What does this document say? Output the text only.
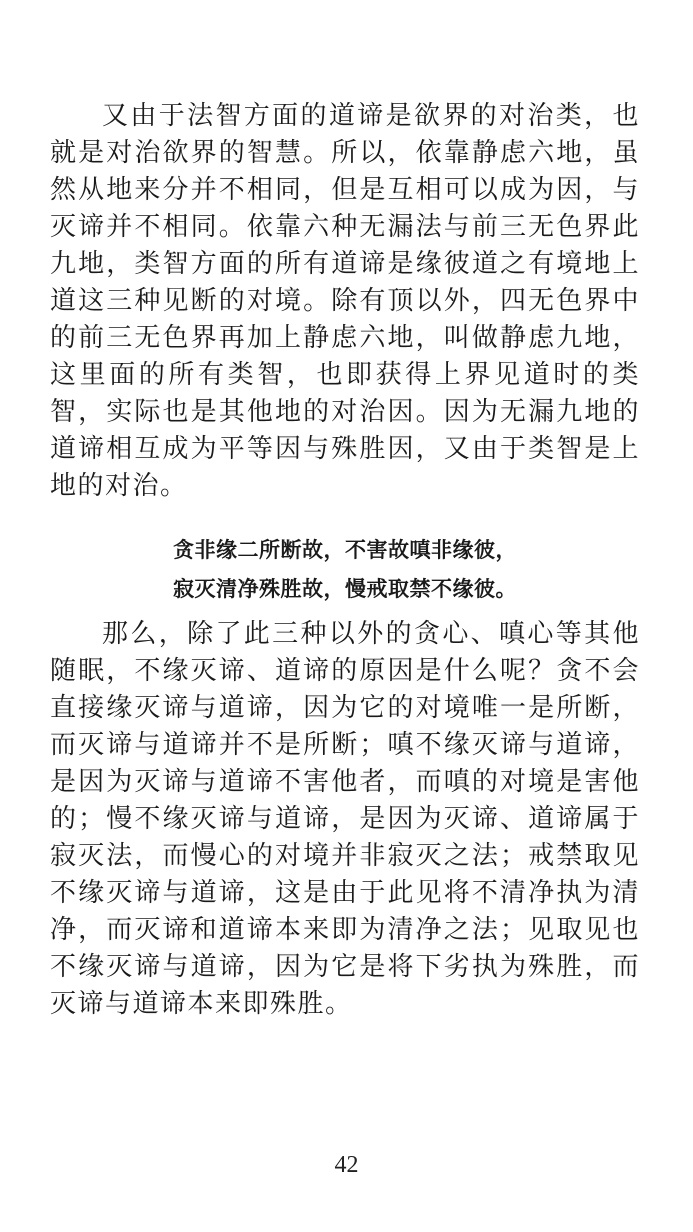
又由于法智方面的道谛是欲界的对治类，也就是对治欲界的智慧。所以，依靠静虑六地，虽然从地来分并不相同，但是互相可以成为因，与灭谛并不相同。依靠六种无漏法与前三无色界此九地，类智方面的所有道谛是缘彼道之有境地上道这三种见断的对境。除有顶以外，四无色界中的前三无色界再加上静虑六地，叫做静虑九地，这里面的所有类智，也即获得上界见道时的类智，实际也是其他地的对治因。因为无漏九地的道谛相互成为平等因与殊胜因，又由于类智是上地的对治。

贪非缘二所断故，不害故嗔非缘彼，

寂灭清净殊胜故，慢戒取禁不缘彼。

那么，除了此三种以外的贪心、嗔心等其他随眠，不缘灭谛、道谛的原因是什么呢？贪不会直接缘灭谛与道谛，因为它的对境唯一是所断，而灭谛与道谛并不是所断；嗔不缘灭谛与道谛，是因为灭谛与道谛不害他者，而嗔的对境是害他的；慢不缘灭谛与道谛，是因为灭谛、道谛属于寂灭法，而慢心的对境并非寂灭之法；戒禁取见不缘灭谛与道谛，这是由于此见将不清净执为清净，而灭谛和道谛本来即为清净之法；见取见也不缘灭谛与道谛，因为它是将下劣执为殊胜，而灭谛与道谛本来即殊胜。

42
